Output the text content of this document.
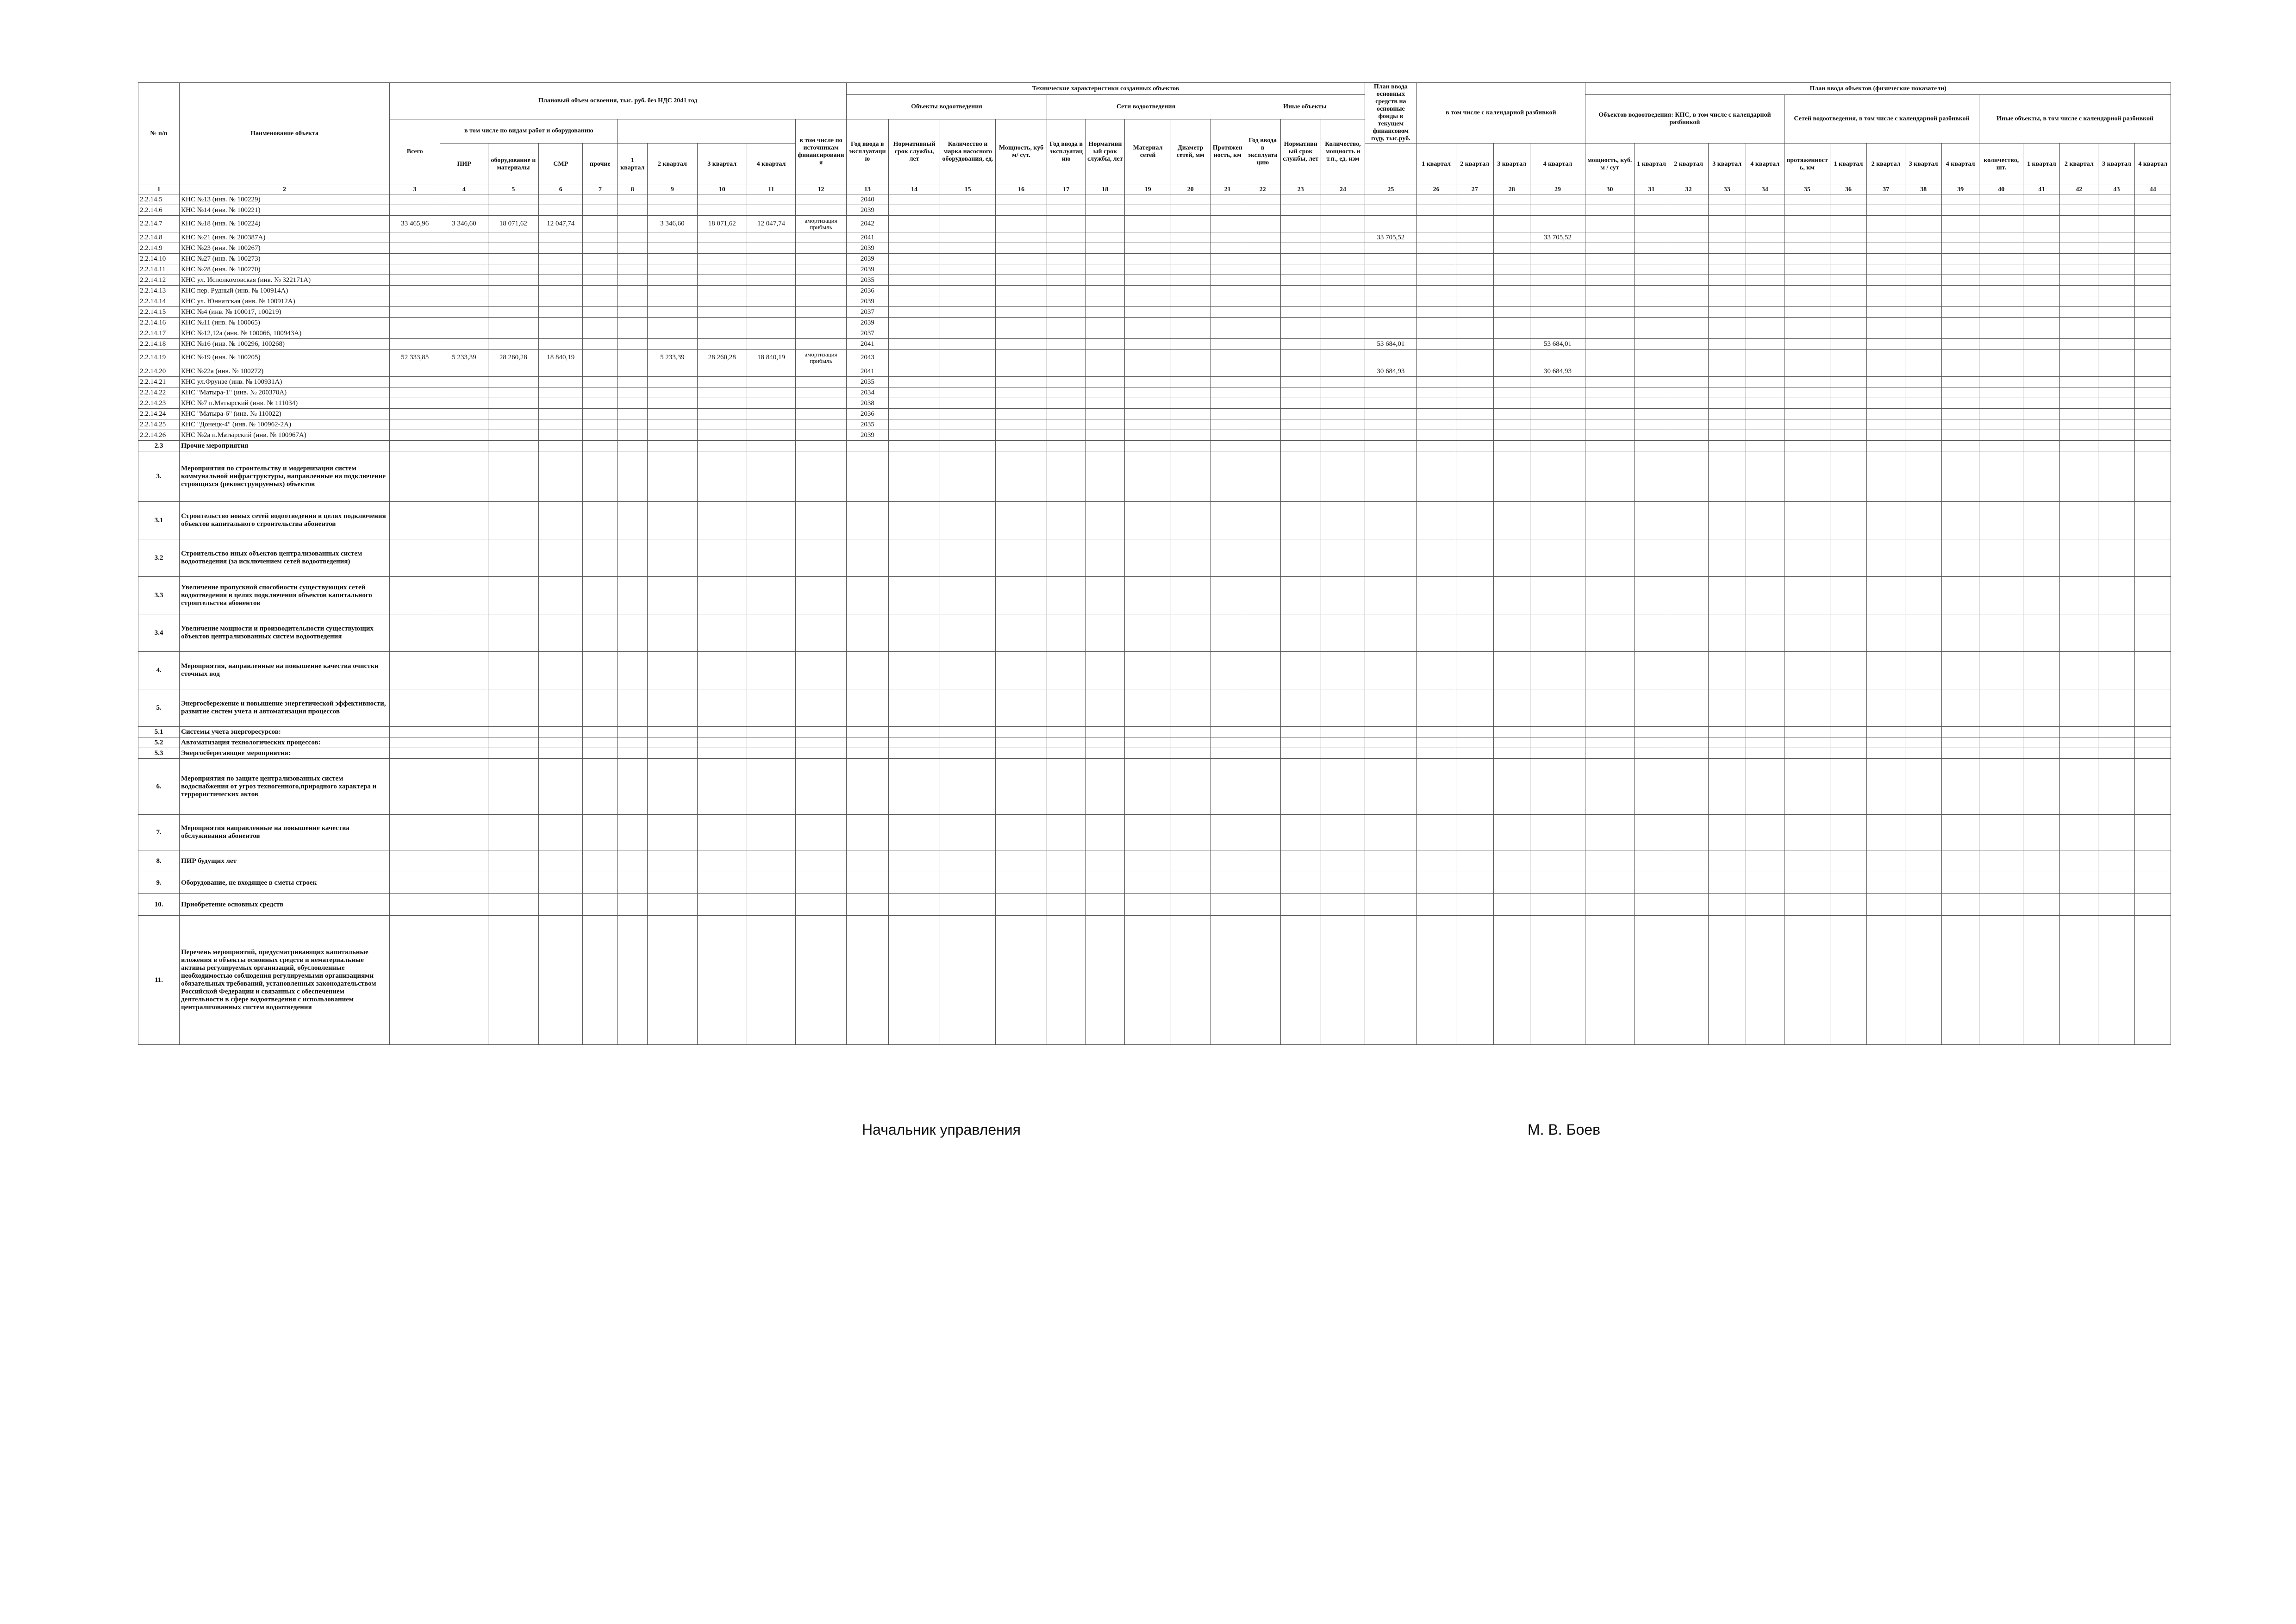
№ п/п	Наименование объекта	Плановый объем освоения, тыс. руб. без НДС 2041 год										Технические характеристики созданных объектов												План ввода основных средств на основные фонды в текущем финансовом году, тыс.руб.	в том числе с календарной разбивкой				План ввода объектов (физические показатели)														
												Объекты водоотведения				Сети водоотведения					Иные объекты								Объектов водоотведения: КПС, в том числе с календарной разбивкой					Сетей водоотведения, в том числе с календарной разбивкой					Иные объекты, в том числе с календарной разбивкой				
		Всего	в том числе по видам работ и оборудованию								в том числе по источникам финансирования	Год ввода в эксплуатацию	Нормативный срок службы, лет	Количество и марка насосного оборудования, ед.	Мощность, куб м/ сут.	Год ввода в эксплуатацию	Нормативный срок службы, лет	Материал сетей	Диаметр сетей, мм	Протяженность, км	Год ввода в эксплуатацию	Нормативный срок службы, лет	Количество, мощность и т.п., ед. изм																				
			ПИР	оборудование и материалы	СМР	прочие	1 квартал	2 квартал	3 квартал	4 квартал															1 квартал	2 квартал	3 квартал	4 квартал	мощность, куб. м / сут	1 квартал	2 квартал	3 квартал	4 квартал	протяженность, км	1 квартал	2 квартал	3 квартал	4 квартал	количество, шт.	1 квартал	2 квартал	3 квартал	4 квартал
1	2	3	4	5	6	7	8	9	10	11	12	13	14	15	16	17	18	19	20	21	22	23	24	25	26	27	28	29	30	31	32	33	34	35	36	37	38	39	40	41	42	43	44
2.2.14.5	КНС №13 (инв. № 100229)											2040																															
2.2.14.6	КНС №14 (инв. № 100221)											2039																															
2.2.14.7	КНС №18 (инв. № 100224)	33 465,96	3 346,60	18 071,62	12 047,74			3 346,60	18 071,62	12 047,74	амортизация прибыль	2042																															
2.2.14.8	КНС №21 (инв. № 200387А)											2041												33 705,52				33 705,52															
2.2.14.9	КНС №23 (инв. № 100267)											2039																															
2.2.14.10	КНС №27 (инв. № 100273)											2039																															
2.2.14.11	КНС №28 (инв. № 100270)											2039																															
2.2.14.12	КНС ул. Исполкомовская (инв. № 322171А)											2035																															
2.2.14.13	КНС пер. Рудный (инв. № 100914А)											2036																															
2.2.14.14	КНС ул. Юннатская (инв. № 100912А)											2039																															
2.2.14.15	КНС №4 (инв. № 100017, 100219)											2037																															
2.2.14.16	КНС №11 (инв. № 100065)											2039																															
2.2.14.17	КНС №12,12а (инв. № 100066, 100943А)											2037																															
2.2.14.18	КНС №16 (инв. № 100296, 100268)											2041												53 684,01				53 684,01															
2.2.14.19	КНС №19 (инв. № 100205)	52 333,85	5 233,39	28 260,28	18 840,19			5 233,39	28 260,28	18 840,19	амортизация прибыль	2043																															
2.2.14.20	КНС №22а (инв. № 100272)											2041												30 684,93				30 684,93															
2.2.14.21	КНС ул.Фрунзе (инв. № 100931А)											2035																															
2.2.14.22	КНС "Матыра-1" (инв. № 200370А)											2034																															
2.2.14.23	КНС №7 п.Матырский (инв. № 111034)											2038																															
2.2.14.24	КНС "Матыра-6" (инв. № 110022)											2036																															
2.2.14.25	КНС "Донецк-4" (инв. № 100962-2А)											2035																															
2.2.14.26	КНС №2а п.Матырский (инв. № 100967А)											2039																															
2.3	Прочие мероприятия																																										
3.	Мероприятия по строительству и модернизации систем коммунальной инфраструктуры, направленные на подключение строящихся (реконструируемых) объектов																																										
3.1	Строительство новых сетей водоотведения в целях подключения объектов капитального строительства абонентов																																										
3.2	Строительство иных объектов централизованных систем водоотведения (за исключением сетей водоотведения)																																										
3.3	Увеличение пропускной способности существующих сетей водоотведения в целях подключения объектов капитального строительства абонентов																																										
3.4	Увеличение мощности и производительности существующих объектов централизованных систем водоотведения																																										
4.	Мероприятия, направленные на повышение качества очистки сточных вод																																										
5.	Энергосбережение и повышение энергетической эффективности, развитие систем учета и автоматизация процессов																																										
5.1	Системы учета энергоресурсов:																																										
5.2	Автоматизация технологических процессов:																																										
5.3	Энергосберегающие мероприятия:																																										
6.	Мероприятия по защите централизованных систем водоснабжения от угроз техногенного,природного характера и террористических актов																																										
7.	Мероприятия направленные на повышение качества обслуживания абонентов																																										
8.	ПИР будущих лет																																										
9.	Оборудование, не входящее в сметы строек																																										
10.	Приобретение основных средств																																										
11.	Перечень мероприятий, предусматривающих капитальные вложения в объекты основных средств и нематериальные активы регулируемых организаций, обусловленные необходимостью соблюдения регулируемыми организациями обязательных требований, установленных законодательством Российской Федерации и связанных с обеспечением деятельности в сфере водоотведения с использованием централизованных систем водоотведения																																										
Начальник управления	М. В. Боев
